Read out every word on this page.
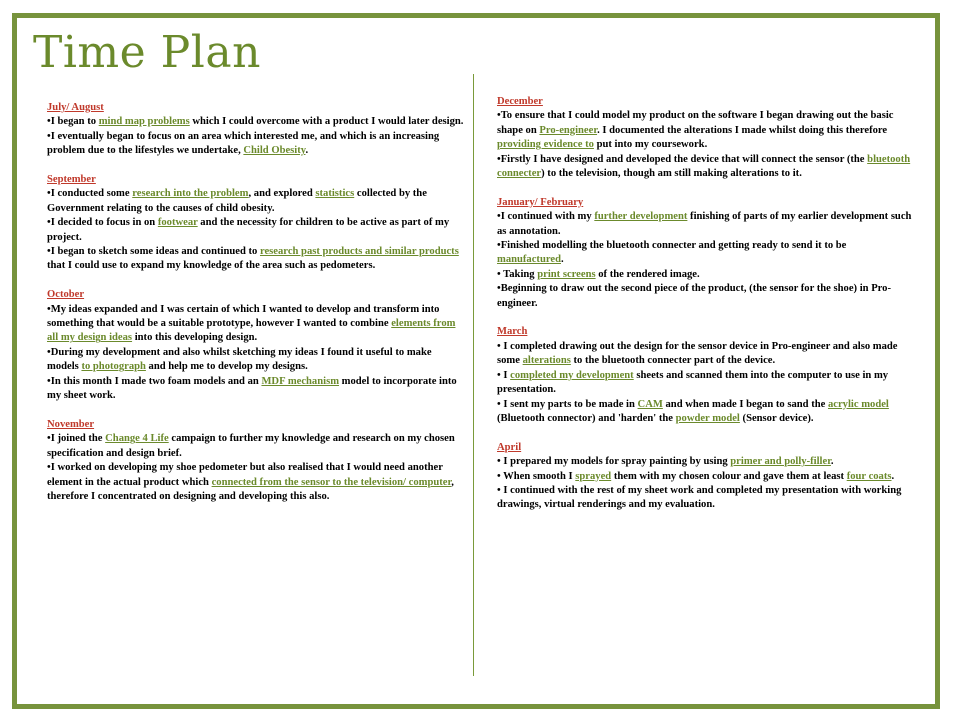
Time Plan
July/ August

•I began to mind map problems which I could overcome with a product I would later design.

•I eventually began to focus on an area which interested me, and which is an increasing problem due to the lifestyles we undertake, Child Obesity.

September

•I conducted some research into the problem, and explored statistics collected by the Government relating to the causes of child obesity.

•I decided to focus in on footwear and the necessity for children to be active as part of my project.

•I began to sketch some ideas and continued to research past products and similar products that I could use to expand my knowledge of the area such as pedometers.

October

•My ideas expanded and I was certain of which I wanted to develop and transform into something that would be a suitable prototype, however I wanted to combine elements from all my design ideas into this developing design.

•During my development and also whilst sketching my ideas I found it useful to make models to photograph and help me to develop my designs.

•In this month I made two foam models and an MDF mechanism model to incorporate into my sheet work.

November

•I joined the Change 4 Life campaign to further my knowledge and research on my chosen specification and design brief.

•I worked on developing my shoe pedometer but also realised that I would need another element in the actual product which connected from the sensor to the television/ computer, therefore I concentrated on designing and developing this also.

December

•To ensure that I could model my product on the software I began drawing out the basic shape on Pro-engineer. I documented the alterations I made whilst doing this therefore providing evidence to put into my coursework.

•Firstly I have designed and developed the device that will connect the sensor (the bluetooth connecter) to the television, though am still making alterations to it.

January/ February

•I continued with my further development finishing of parts of my earlier development such as annotation.

•Finished modelling the bluetooth connecter and getting ready to send it to be manufactured.

• Taking print screens of the rendered image.

•Beginning to draw out the second piece of the product, (the sensor for the shoe) in Pro-engineer.

March

• I completed drawing out the design for the sensor device in Pro-engineer and also made some alterations to the bluetooth connecter part of the device.

• I completed my development sheets and scanned them into the computer to use in my presentation.

• I sent my parts to be made in CAM and when made I began to sand the acrylic model (Bluetooth connector) and 'harden' the powder model (Sensor device).

April

• I prepared my models for spray painting by using primer and polly-filler.

• When smooth I sprayed them with my chosen colour and gave them at least four coats.

• I continued with the rest of my sheet work and completed my presentation with working drawings, virtual renderings and my evaluation.
